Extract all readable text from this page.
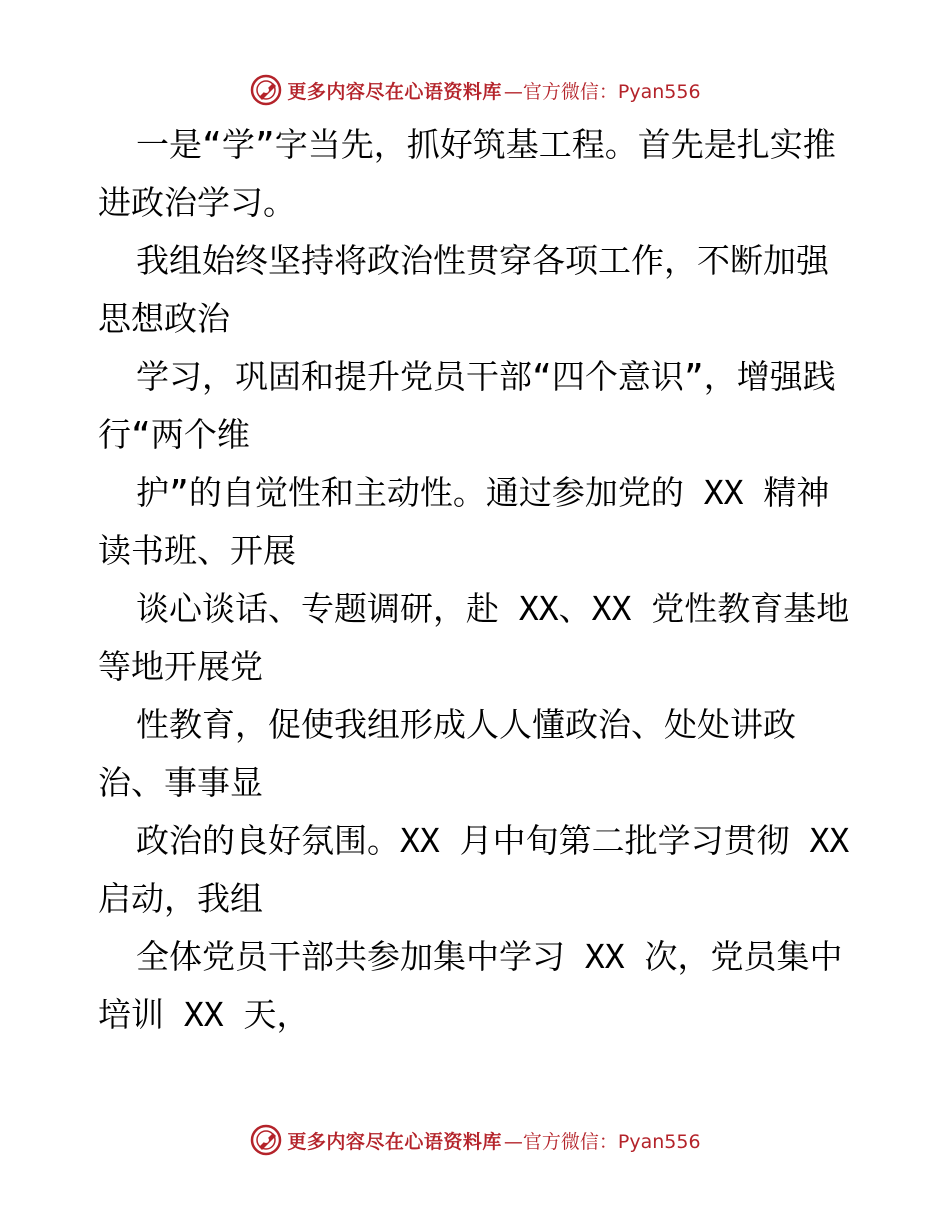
更多内容尽在心语资料库 —官方微信：Pyan556

一是“学”字当先，抓好筑基工程。首先是扎实推进政治学习。

我组始终坚持将政治性贯穿各项工作，不断加强思想政治

学习，巩固和提升党员干部“四个意识”，增强践行“两个维

护”的自觉性和主动性。通过参加党的 XX 精神读书班、开展

谈心谈话、专题调研，赴 XX、XX 党性教育基地等地开展党

性教育，促使我组形成人人懂政治、处处讲政治、事事显

政治的良好氛围。XX 月中旬第二批学习贯彻 XX 启动，我组

全体党员干部共参加集中学习 XX 次，党员集中培训 XX 天，

更多内容尽在心语资料库 —官方微信：Pyan556
